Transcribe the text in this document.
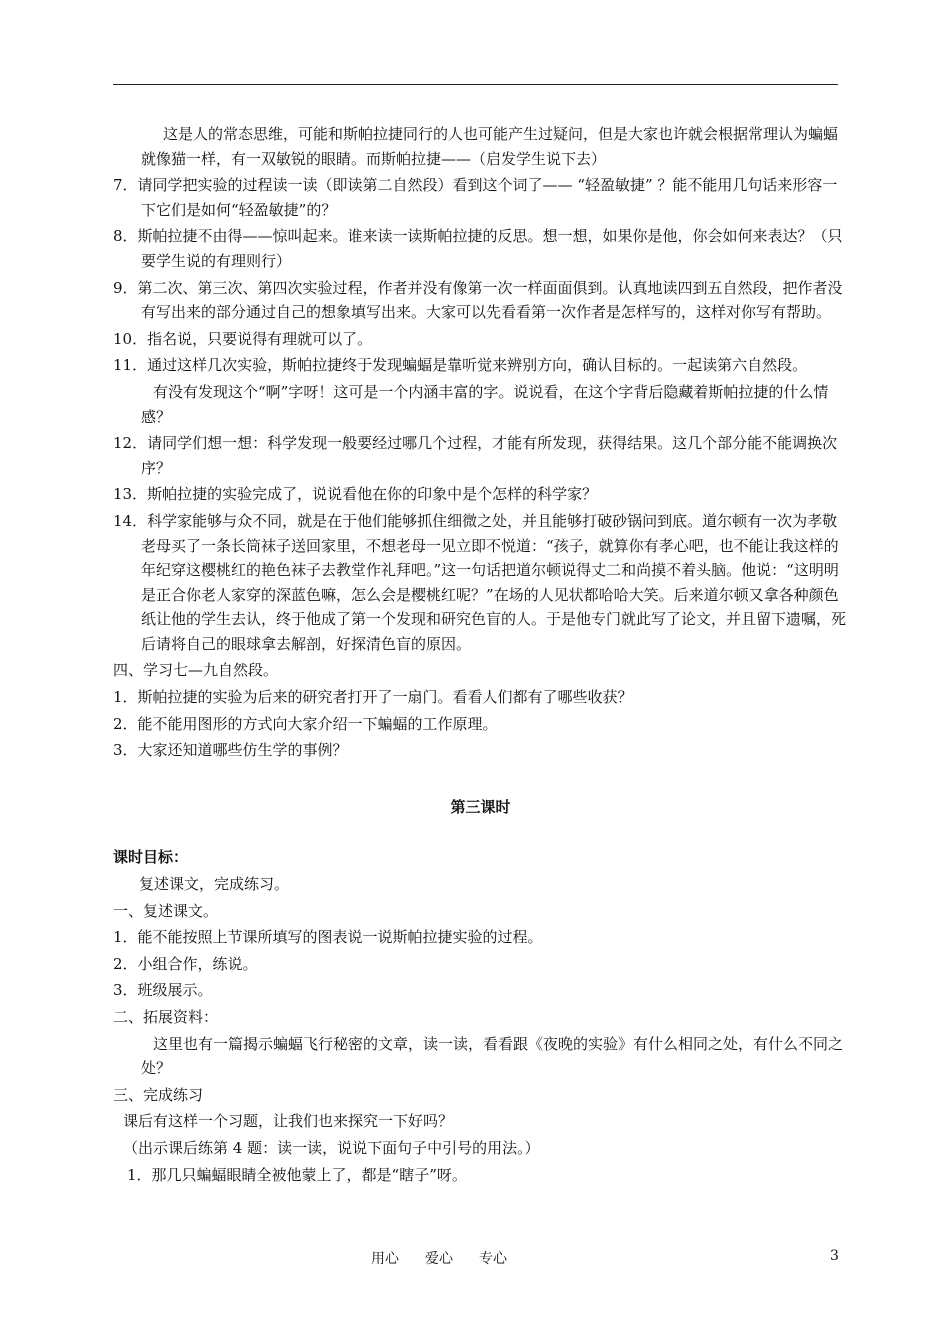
这是人的常态思维，可能和斯帕拉捷同行的人也可能产生过疑问，但是大家也许就会根据常理认为蝙蝠就像猫一样，有一双敏锐的眼睛。而斯帕拉捷——（启发学生说下去）
7．请同学把实验的过程读一读（即读第二自然段）看到这个词了—— “轻盈敏捷” ？能不能用几句话来形容一下它们是如何“轻盈敏捷”的？
8．斯帕拉捷不由得——惊叫起来。谁来读一读斯帕拉捷的反思。想一想，如果你是他，你会如何来表达？（只要学生说的有理则行）
9．第二次、第三次、第四次实验过程，作者并没有像第一次一样面面俱到。认真地读四到五自然段，把作者没有写出来的部分通过自己的想象填写出来。大家可以先看看第一次作者是怎样写的，这样对你写有帮助。
10．指名说，只要说得有理就可以了。
11．通过这样几次实验，斯帕拉捷终于发现蝙蝠是靠听觉来辨别方向，确认目标的。一起读第六自然段。
有没有发现这个“啊”字呀！这可是一个内涵丰富的字。说说看，在这个字背后隐藏着斯帕拉捷的什么情感？
12．请同学们想一想：科学发现一般要经过哪几个过程，才能有所发现，获得结果。这几个部分能不能调换次序？
13．斯帕拉捷的实验完成了，说说看他在你的印象中是个怎样的科学家？
14．科学家能够与众不同，就是在于他们能够抓住细微之处，并且能够打破砂锅问到底。道尔顿有一次为孝敬老母买了一条长筒袜子送回家里，不想老母一见立即不悦道：“孩子，就算你有孝心吧，也不能让我这样的年纪穿这樱桃红的艳色袜子去教堂作礼拜吧。”这一句话把道尔顿说得丈二和尚摸不着头脑。他说：“这明明是正合你老人家穿的深蓝色嘛，怎么会是樱桃红呢？”在场的人见状都哈哈大笑。后来道尔顿又拿各种颜色纸让他的学生去认，终于他成了第一个发现和研究色盲的人。于是他专门就此写了论文，并且留下遗嘱，死后请将自己的眼球拿去解剖，好探清色盲的原因。
四、学习七—九自然段。
1．斯帕拉捷的实验为后来的研究者打开了一扇门。看看人们都有了哪些收获？
2．能不能用图形的方式向大家介绍一下蝙蝠的工作原理。
3．大家还知道哪些仿生学的事例？
第三课时
课时目标：
复述课文，完成练习。
一、复述课文。
1．能不能按照上节课所填写的图表说一说斯帕拉捷实验的过程。
2．小组合作，练说。
3．班级展示。
二、拓展资料：
这里也有一篇揭示蝙蝠飞行秘密的文章，读一读，看看跟《夜晚的实验》有什么相同之处，有什么不同之处？
三、完成练习
课后有这样一个习题，让我们也来探究一下好吗？
（出示课后练第 4 题：读一读，说说下面句子中引号的用法。）
1．那几只蝙蝠眼睛全被他蒙上了，都是“瞎子”呀。
用心 爱心 专心	3
